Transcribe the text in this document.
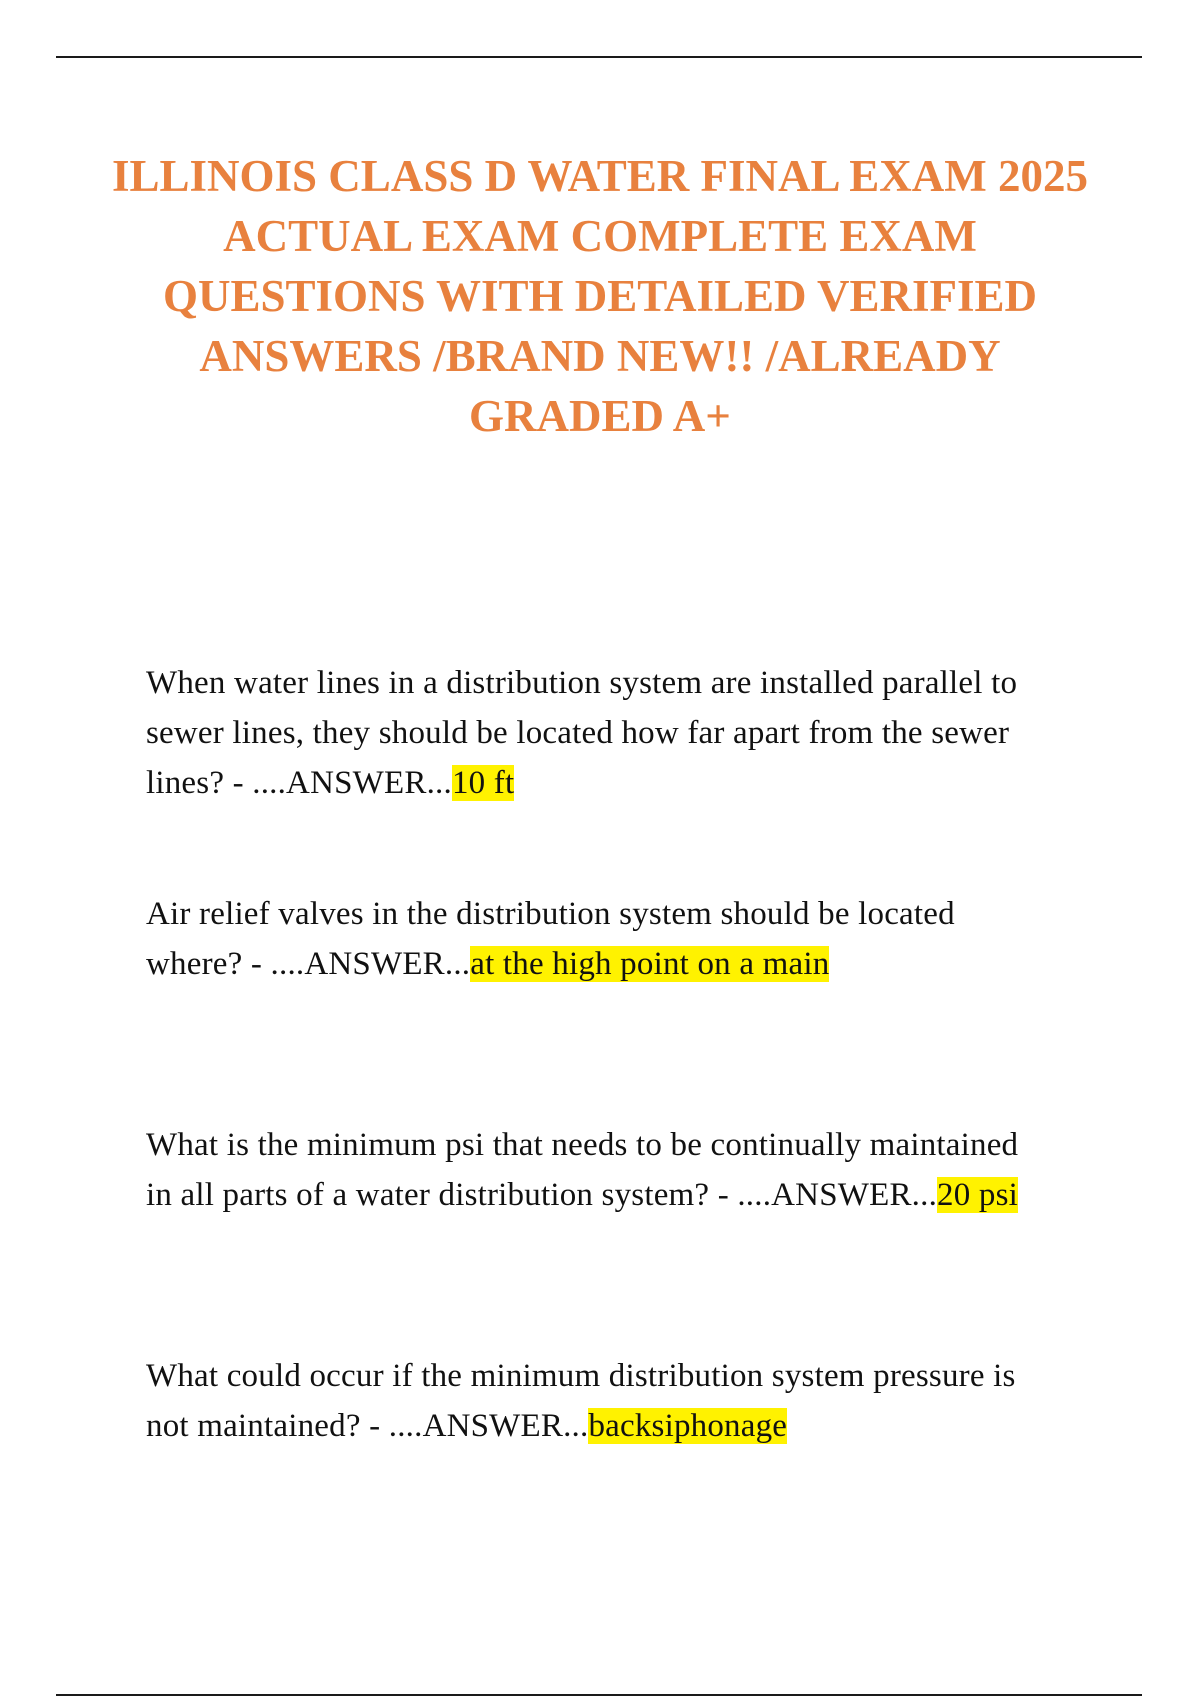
ILLINOIS CLASS D WATER FINAL EXAM 2025 ACTUAL EXAM COMPLETE EXAM QUESTIONS WITH DETAILED VERIFIED ANSWERS /BRAND NEW!! /ALREADY GRADED A+

When water lines in a distribution system are installed parallel to sewer lines, they should be located how far apart from the sewer lines? - ....ANSWER...10 ft

Air relief valves in the distribution system should be located where? - ....ANSWER...at the high point on a main

What is the minimum psi that needs to be continually maintained in all parts of a water distribution system? - ....ANSWER...20 psi

What could occur if the minimum distribution system pressure is not maintained? - ....ANSWER...backsiphonage
